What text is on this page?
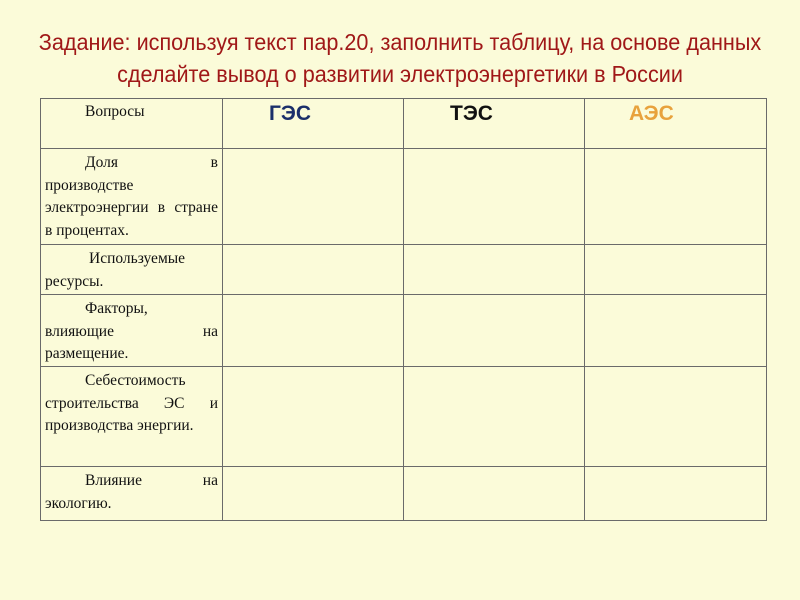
Задание: используя текст пар.20, заполнить таблицу, на основе данных
сделайте вывод о развитии электроэнергетики в России
Вопросы	ГЭС	ТЭС	АЭС
Доля в производстве электроэнергии в стране в процентах.			
Используемые ресурсы.			
Факторы, влияющие на размещение.			
Себестоимость строительства ЭС и производства энергии.			
Влияние на экологию.			
